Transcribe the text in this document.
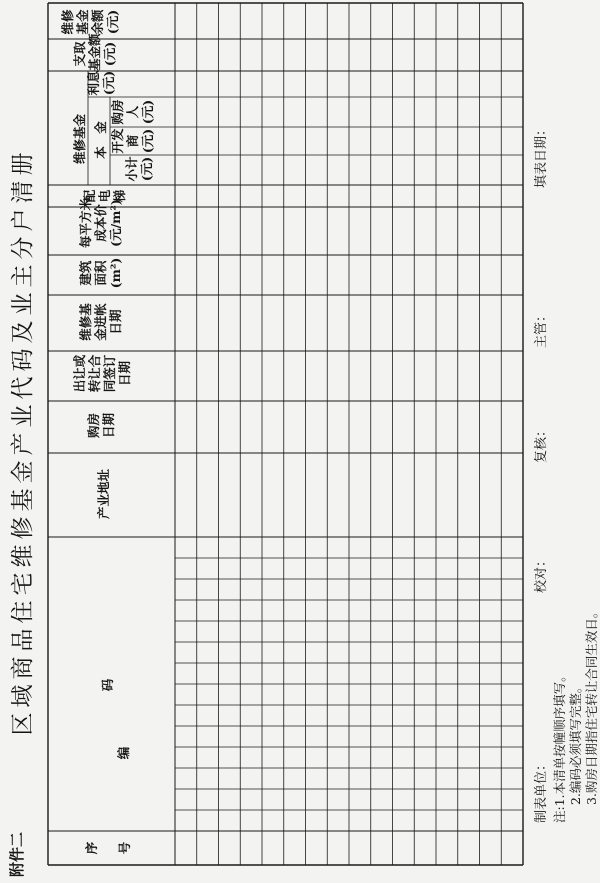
附件二
区域商品住宅维修基金产业代码及业主分户清册
序 号
编
码
产业地址
购房 日期
出让或 转让合 同签订 日期
维修基 金进帐 日期
建筑 面积 (m²)
每平方米 成本价 (元/m²)
配 电 梯
维修基金 本　金
小计 (元)
开发 商 (元)
购房 人 (元)
利息 (元)
支取 基金额 (元)
维修 基金 余额 (元)
制表单位：
校对：
复核：
主管：
填表日期：
注:1.本清单按幢顺序填写。 2.编码必须填写完整。 3.购房日期指住宅转让合同生效日。
